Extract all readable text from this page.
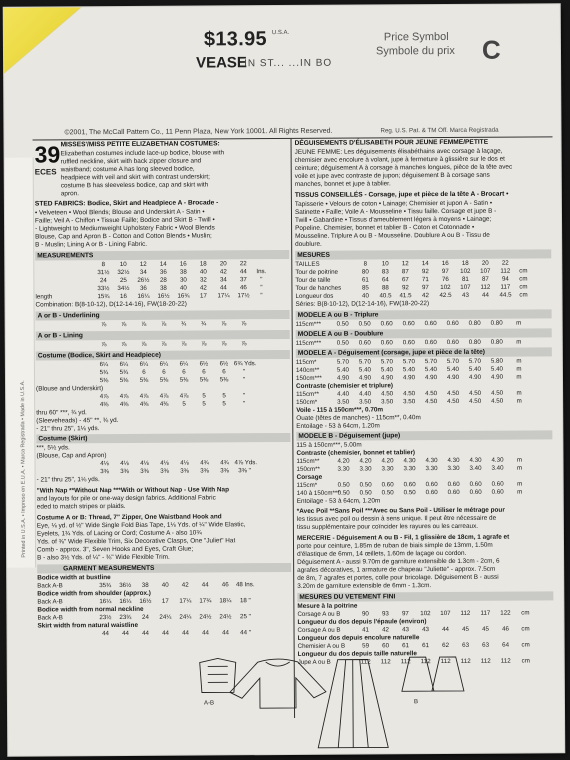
Printed in U.S.A. • Impreso en E.U.A. • Marca Registrada • Made in U.S.A.
$13.95 U.S.A.
VEASE
IN ST... ...IN BO
Price Symbol
Symbole du prix C
©2001, The McCall Pattern Co., 11 Penn Plaza, New York 10001. All Rights Reserved.	Reg. U.S. Pat. & TM Off. Marca Registrada
39
ECES
MISSES'/MISS PETITE ELIZABETHAN COSTUMES:
Elizabethan costumes include lace-up bodice, blouse with
ruffled neckline, skirt with back zipper closure and
waistband; costume A has long sleeved bodice,
headpiece with veil and skirt with contrast underskirt;
costume B has sleeveless bodice, cap and skirt with
apron.
STED FABRICS: Bodice, Skirt and Headpiece A - Brocade -
• Velveteen • Wool Blends; Blouse and Underskirt A - Satin •
Faille; Veil A - Chiffon • Tissue Faille; Bodice and Skirt B - Twill •
- Lightweight to Mediumweight Upholstery Fabric • Wool Blends
Blouse, Cap and Apron B - Cotton and Cotton Blends • Muslin;
B - Muslin; Lining A or B - Lining Fabric.
MEASUREMENTS
8 10 12 14 16 18 20 22
31½ 32½ 34 36 38 40 42 44 Ins.
24 25 26½ 28 30 32 34 37 "
33½ 34½ 36 38 40 42 44 46 "
length	15¾ 16 16¼ 16½ 16¾ 17 17¼ 17½ "
Combination: B(8-10-12), D(12-14-16), FW(18-20-22)
A or B - Underlining
⅞ ⅞ ⅞ ⅞ ¾ ¾ ⅞ ⅞
A or B - Lining
⅞ ⅞ ⅞ ⅞ ⅞ ⅞ ⅞ ⅞
Costume (Bodice, Skirt and Headpiece)
6¼ 6¼ 6¼ 6¼ 6¼ 6½ 6½ 6¾ Yds.
5¾ 5¾ 6	6	6	6	6	"
5⅜ 5⅜ 5⅜ 5⅜ 5⅜ 5⅜ 5⅜ "
(Blouse and Underskirt)
4⅞ 4⅞ 4⅞ 4⅞ 4⅞ 5	5	"
4⅜ 4⅜ 4⅜ 4⅜ 5	5	5	"
thru 60" ***, ¾ yd.
(Sleeveheads) - 45" **, ⅜ yd.
- 21" thru 25", 1⅛ yds.
Costume (Skirt)
***, 5½ yds.
(Blouse, Cap and Apron)
4⅛ 4⅛ 4⅛ 4⅛ 4⅛ 4¾ 4¾ 4⅞ Yds.
3⅜ 3⅜ 3⅜ 3⅜ 3⅜ 3⅜ 3⅜ 3⅜ "
- 21" thru 25", 1⅛ yds.
"With Nap **Without Nap ***With or Without Nap - Use With Nap
and layouts for pile or one-way design fabrics. Additional Fabric
eded to match stripes or plaids.
Costume A or B: Thread, 7" Zipper, One Waistband Hook and
Eye, ⅛ yd. of ½" Wide Single Fold Bias Tape, 1⅛ Yds. of ¼" Wide Elastic,
Eyelets, 1¾ Yds. of Lacing or Cord; Costume A - also 10¾
Yds. of ⅜" Wide Flexible Trim, Six Decorative Clasps, One "Juliet" Hat
Comb - approx. 3", Seven Hooks and Eyes, Craft Glue;
B - also 3½ Yds. of ¼" - ⅜" Wide Flexible Trim.
GARMENT MEASUREMENTS
Bodice width at bustline
Back A-B	35¾ 36½ 38 40 42 44 46 48 Ins.
Bodice width from shoulder (approx.)
Back A-B	16¼ 16¼ 16½ 17 17¼ 17¾ 18¼ 18 "
Bodice width from normal neckline
Back A-B	23½ 23¾ 24 24¼ 24¼ 24½ 24½ 25 "
Skirt width from natural waistline
44 44 44 44 44 44 44 44 "
DÉGUISEMENTS D'ÉLISABETH POUR JEUNE FEMME/PETITE
JEUNE FEMME: Les déguisements élisabéthains avec corsage à laçage,
chemisier avec encolure à volant, jupe à fermeture à glissière sur le dos et
ceinture; déguisement A à corsage à manches longues, pièce de la tête avec
voile et jupe avec contraste de jupon; déguisement B à corsage sans
manches, bonnet et jupe à tablier.
TISSUS CONSEILLÉS - Corsage, jupe et pièce de la tête A - Brocart •
Tapisserie • Velours de coton • Lainage; Chemisier et jupon A - Satin •
Satinette • Faille; Voile A - Mousseline • Tissu faille. Corsage et jupe B -
Twill • Gabardine • Tissus d'ameublement légers à moyens • Lainage;
Popeline. Chemisier, bonnet et tablier B - Coton et Cotonnade •
Mousseline. Triplure A ou B - Mousseline. Doublure A ou B - Tissu de
doublure.
MESURES
TAILLES	8 10 12 14 16 18 20 22
Tour de poitrine	80 83 87 92 97 102 107 112 cm
Tour de taille	61 64 67 71 76 81 87 94 cm
Tour de hanches	85 88 92 97 102 107 112 117 cm
Longueur dos	40 40.5 41.5 42 42.5 43 44 44.5 cm
Séries: B(8-10-12), D(12-14-16), FW(18-20-22)
MODELE A ou B - Triplure
115cm***	0.50 0.50 0.60 0.60 0.60 0.60 0.80 0.80 m
MODELE A ou B - Doublure
115cm***	0.50 0.60 0.60 0.60 0.60 0.60 0.80 0.80 m
MODELE A - Déguisement (corsage, jupe et pièce de la tête)
115cm*	5.70 5.70 5.70 5.70 5.70 5.70 5.70 5.80 m
140cm**	5.40 5.40 5.40 5.40 5.40 5.40 5.40 5.40 m
150cm*** 4.90 4.90 4.90 4.90 4.90 4.90 4.90 4.90 m
Contraste (chemisier et triplure)
115cm**	4.40 4.40 4.50 4.50 4.50 4.50 4.50 4.50 m
150cm*	3.50 3.50 3.50 3.50 4.50 4.50 4.50 4.50 m
Voile - 115 à 150cm***, 0.70m
Ouate (têtes de manches) - 115cm**, 0.40m
Entoilage - 53 à 64cm, 1.20m
MODELE B - Déguisement (jupe)
115 à 150cm***, 5.00m
Contraste (chemisier, bonnet et tablier)
115cm**	4.20 4.20 4.20 4.30 4.30 4.30 4.30 4.30 m
150cm**	3.30 3.30 3.30 3.30 3.30 3.30 3.40 3.40 m
Corsage
115cm*	0.50 0.50 0.60 0.60 0.60 0.60 0.60 0.60 m
140 à 150cm***0.50 0.50 0.50 0.50 0.60 0.60 0.60 0.60 m
Entoilage - 53 à 64cm, 1.20m
*Avec Poil **Sans Poil ***Avec ou Sans Poil - Utiliser le métrage pour
les tissus avec poil ou dessin à sens unique. Il peut être nécessaire de
tissu supplémentaire pour coïncider les rayures ou les carreaux.
MERCERIE - Déguisement A ou B - Fil, 1 glissière de 18cm, 1 agrafe et
porte pour ceinture, 1.85m de ruban de biais simple de 13mm, 1.50m
d'élastique de 6mm, 14 œillets, 1.60m de laçage ou cordon.
Déguisement A - aussi 9.70m de garniture extensible de 1.3cm - 2cm, 6
agrafes décoratives, 1 armature de chapeau "Juliette" - approx. 7.5cm
de 8m, 7 agrafes et portes, colle pour bricolage. Déguisement B - aussi
3.20m de garniture extensible de 6mm - 1.3cm.
MESURES DU VETEMENT FINI
Mesure à la poitrine
Corsage A ou B	90 93 97 102 107 112 117 122 cm
Longueur du dos depuis l'épaule (environ)
Corsage A ou B	41 42 43 43 44 45 45 46 cm
Longueur dos depuis encolure naturelle
Chemisier A ou B	59 60 61 61 62 63 63 64 cm
Longueur du dos depuis taille naturelle
Jupe A ou B	112 112 112 112 112 112 112 112 cm
A-B	B
